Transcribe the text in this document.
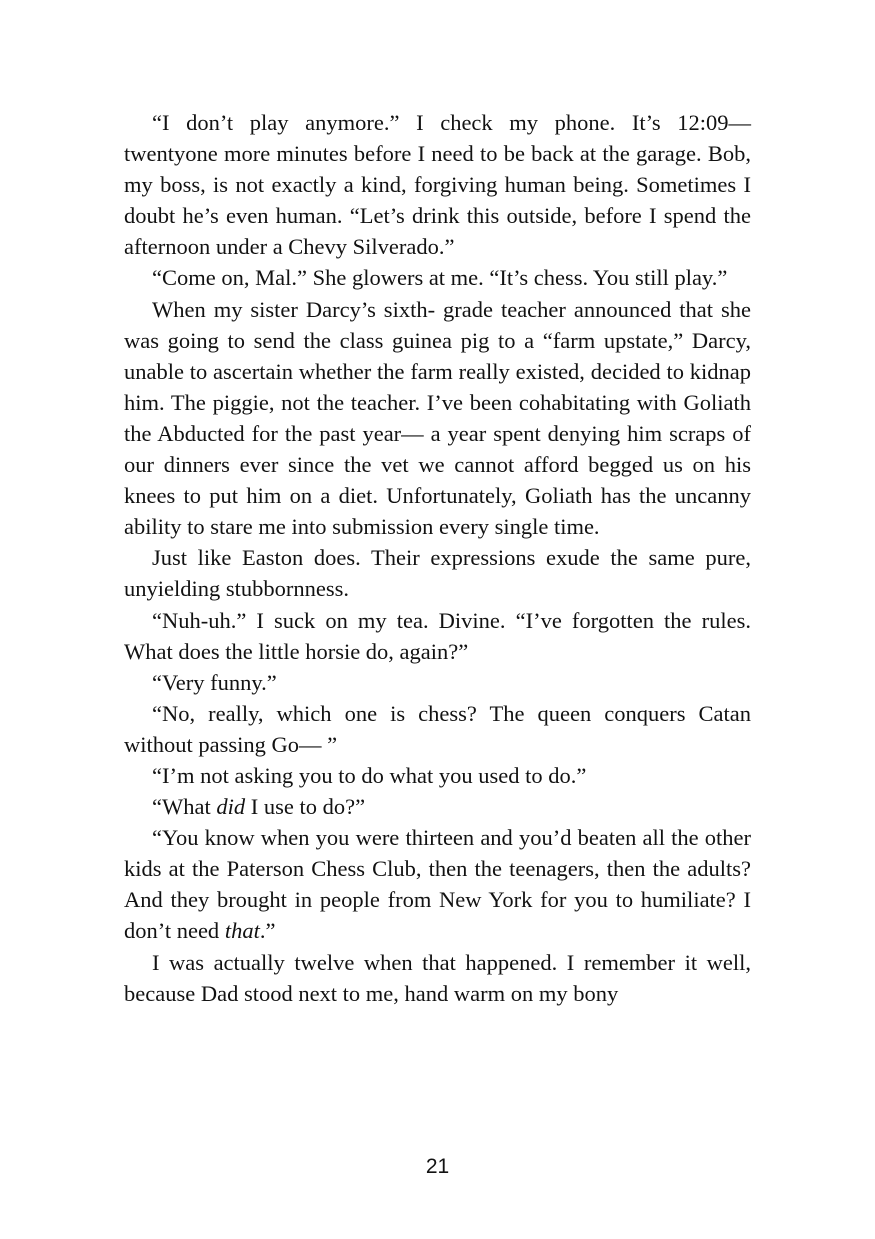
“I don’t play anymore.” I check my phone. It’s 12:09— twentyone more minutes before I need to be back at the garage. Bob, my boss, is not exactly a kind, forgiving human being. Sometimes I doubt he’s even human. “Let’s drink this outside, before I spend the afternoon under a Chevy Silverado.”

“Come on, Mal.” She glowers at me. “It’s chess. You still play.”

When my sister Darcy’s sixth- grade teacher announced that she was going to send the class guinea pig to a “farm upstate,” Darcy, unable to ascertain whether the farm really existed, decided to kidnap him. The piggie, not the teacher. I’ve been cohabitating with Goliath the Abducted for the past year— a year spent denying him scraps of our dinners ever since the vet we cannot afford begged us on his knees to put him on a diet. Unfortunately, Goliath has the uncanny ability to stare me into submission every single time.

Just like Easton does. Their expressions exude the same pure, unyielding stubbornness.

“Nuh-uh.” I suck on my tea. Divine. “I’ve forgotten the rules. What does the little horsie do, again?”

“Very funny.”

“No, really, which one is chess? The queen conquers Catan without passing Go— ”

“I’m not asking you to do what you used to do.”

“What did I use to do?”

“You know when you were thirteen and you’d beaten all the other kids at the Paterson Chess Club, then the teenagers, then the adults? And they brought in people from New York for you to humiliate? I don’t need that.”

I was actually twelve when that happened. I remember it well, because Dad stood next to me, hand warm on my bony

21
